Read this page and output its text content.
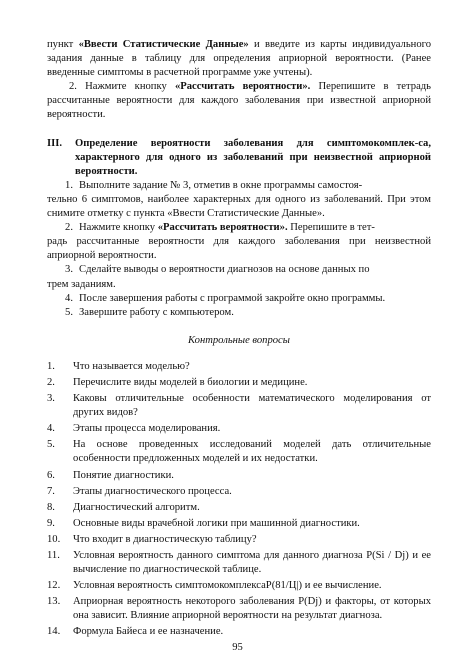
пункт «Ввести Статистические Данные» и введите из карты индивидуального задания данные в таблицу для определения априорной вероятности. (Ранее введенные симптомы в расчетной программе уже учтены).

2. Нажмите кнопку «Рассчитать вероятности». Перепишите в тетрадь рассчитанные вероятности для каждого заболевания при известной априорной вероятности.

III.	Определение вероятности заболевания для симптомокомплек-са, характерного для одного из заболеваний при неизвестной априорной вероятности.
1. Выполните задание № 3, отметив в окне программы самостоя-

тельно 6 симптомов, наиболее характерных для одного из заболеваний. При этом снимите отметку с пункта «Ввести Статистические Данные».

2. Нажмите кнопку «Рассчитать вероятности». Перепишите в тет-

радь рассчитанные вероятности для каждого заболевания при неизвестной априорной вероятности.

3. Сделайте выводы о вероятности диагнозов на основе данных по

трем заданиям.

4. После завершения работы с программой закройте окно программы.
5. Завершите работу с компьютером.
Контрольные вопросы
1.	Что называется моделью?
2.	Перечислите виды моделей в биологии и медицине.
3.	Каковы отличительные особенности математического моделирования от других видов?
4.	Этапы процесса моделирования.
5.	На основе проведенных исследований моделей дать отличительные особенности предложенных моделей и их недостатки.
6.	Понятие диагностики.
7.	Этапы диагностического процесса.
8.	Диагностический алгоритм.
9.	Основные виды врачебной логики при машинной диагностики.
10.	Что входит в диагностическую таблицу?
11.	Условная вероятность данного симптома для данного диагноза P(Si / Dj) и ее вычисление по диагностической таблице.
12.	Условная вероятность симптомокомплексаP(81/Ц|) и ее вычисление.
13.	Априорная вероятность некоторого заболевания P(Dj) и факторы, от которых она зависит. Влияние априорной вероятности на результат диагноза.
14.	Формула Байеса и ее назначение.
95
